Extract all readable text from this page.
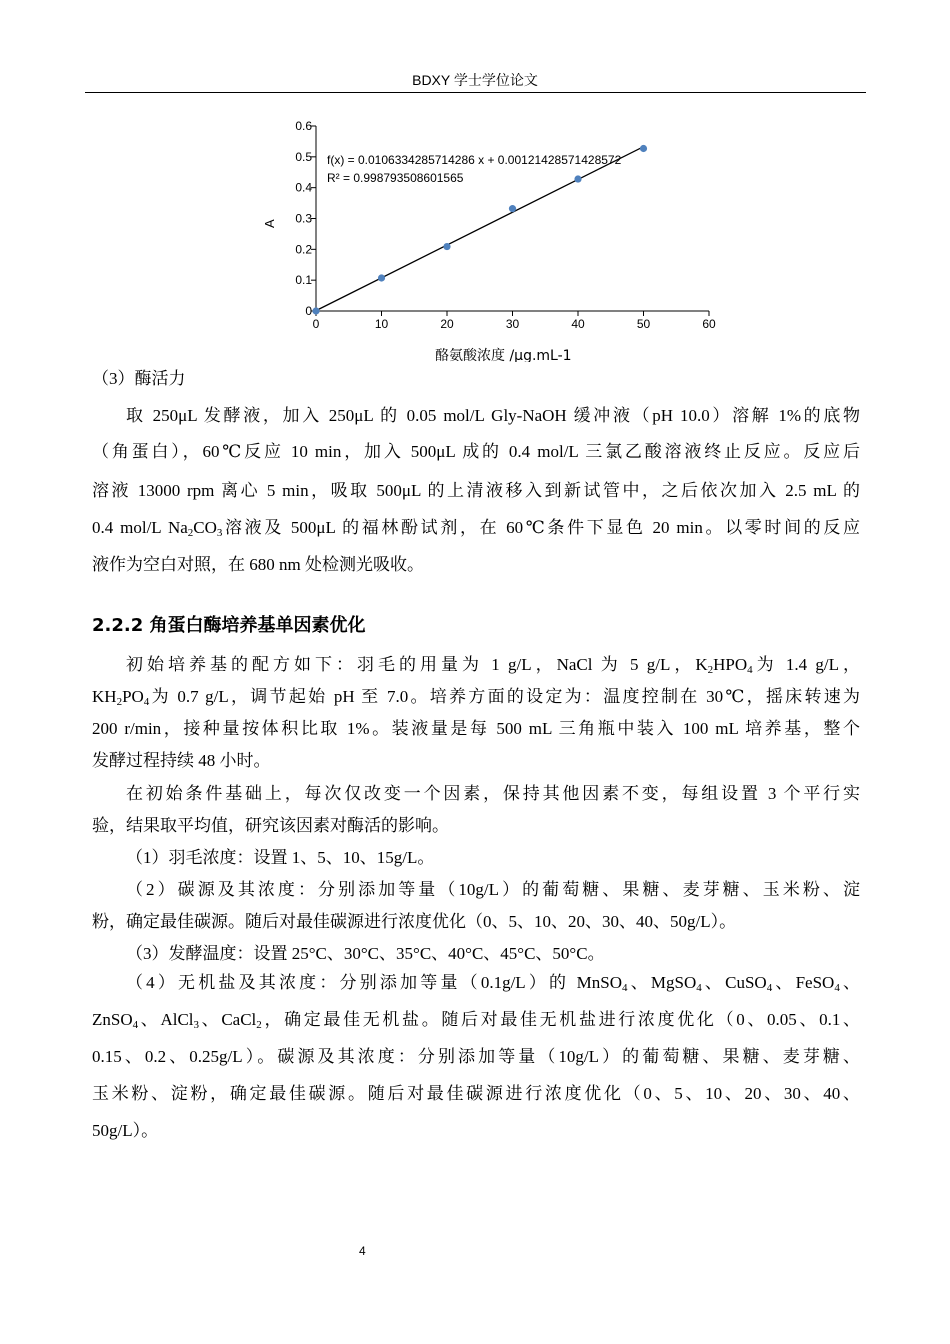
BDXY 学士学位论文
0
0.1
0.2
0.3
0.4
0.5
0.6
0	10	20	30	40	50	60
f(x) = 0.0106334285714286 x + 0.00121428571428572
R² = 0.998793508601565
A
酪氨酸浓度 /μg.mL-1
（3）酶活力

取 250μL 发酵液，加入 250μL 的 0.05 mol/L Gly-NaOH 缓冲液（pH 10.0）溶解 1%的底物

（角蛋白），60℃反应 10 min，加入 500μL 成的 0.4 mol/L 三氯乙酸溶液终止反应。反应后

溶液 13000 rpm 离心 5 min，吸取 500μL 的上清液移入到新试管中，之后依次加入 2.5 mL 的

0.4 mol/L $Na_2CO_3$溶液及 500μL 的福林酚试剂，在 60℃条件下显色 20 min。以零时间的反应

液作为空白对照，在 680 nm 处检测光吸收。

2.2.2 角蛋白酶培养基单因素优化

初始培养基的配方如下：羽毛的用量为 1 g/L，NaCl 为 5 g/L，$K_2HPO_4$为 1.4 g/L，

$KH_2PO_4$为 0.7 g/L，调节起始 pH 至 7.0。培养方面的设定为：温度控制在 30℃，摇床转速为

200 r/min，接种量按体积比取 1%。装液量是每 500 mL 三角瓶中装入 100 mL 培养基，整个

发酵过程持续 48 小时。

在初始条件基础上，每次仅改变一个因素，保持其他因素不变，每组设置 3 个平行实

验，结果取平均值，研究该因素对酶活的影响。

（1）羽毛浓度：设置 1、5、10、15g/L。

（2）碳源及其浓度：分别添加等量（10g/L）的葡萄糖、果糖、麦芽糖、玉米粉、淀

粉，确定最佳碳源。随后对最佳碳源进行浓度优化（0、5、10、20、30、40、50g/L）。

（3）发酵温度：设置 25°C、30°C、35°C、40°C、45°C、50°C。

（4）无机盐及其浓度：分别添加等量（0.1g/L）的 MnSO$_4$、MgSO$_4$、CuSO$_4$、FeSO$_4$、

ZnSO$_4$、AlCl$_3$、CaCl$_2$，确定最佳无机盐。随后对最佳无机盐进行浓度优化（0、0.05、0.1、

0.15、0.2、0.25g/L）。碳源及其浓度：分别添加等量（10g/L）的葡萄糖、果糖、麦芽糖、

玉米粉、淀粉，确定最佳碳源。随后对最佳碳源进行浓度优化（0、5、10、20、30、40、

50g/L）。

4
